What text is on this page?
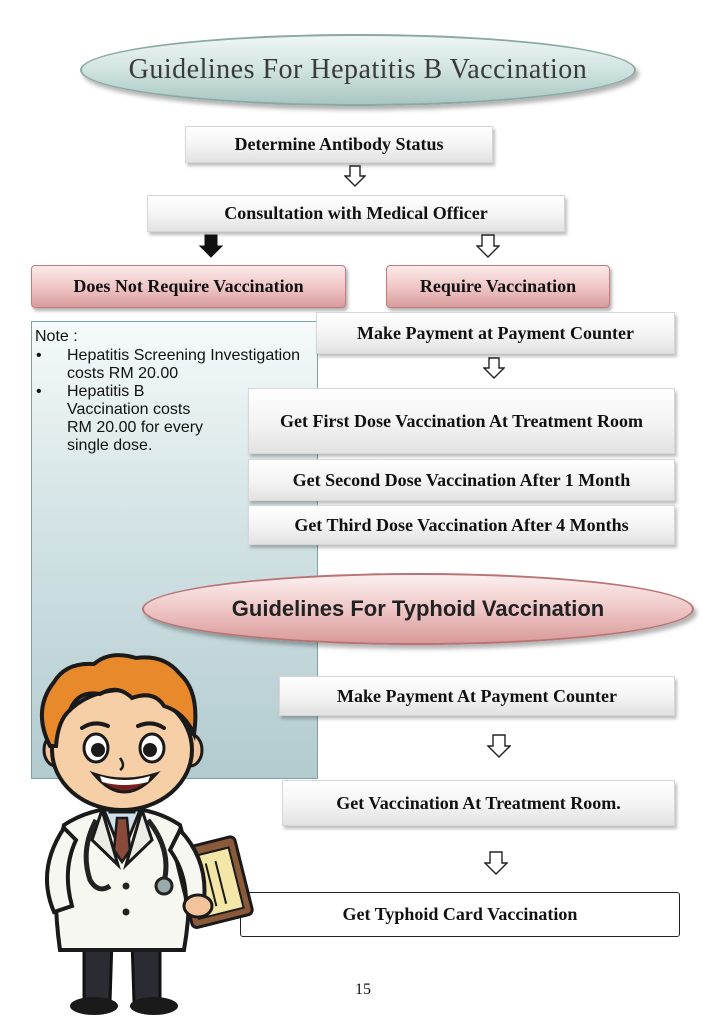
Guidelines For Hepatitis B Vaccination
Determine Antibody Status
Consultation with Medical Officer
Does Not Require Vaccination	Require Vaccination
Note :
• Hepatitis Screening Investigation costs RM 20.00
• Hepatitis B Vaccination costs RM 20.00 for every single dose.
Make Payment at Payment Counter
Get First Dose Vaccination At Treatment Room
Get Second Dose Vaccination After 1 Month
Get Third Dose Vaccination After 4 Months
Guidelines For Typhoid Vaccination
Make Payment At Payment Counter
Get Vaccination At Treatment Room.
Get Typhoid Card Vaccination
15
